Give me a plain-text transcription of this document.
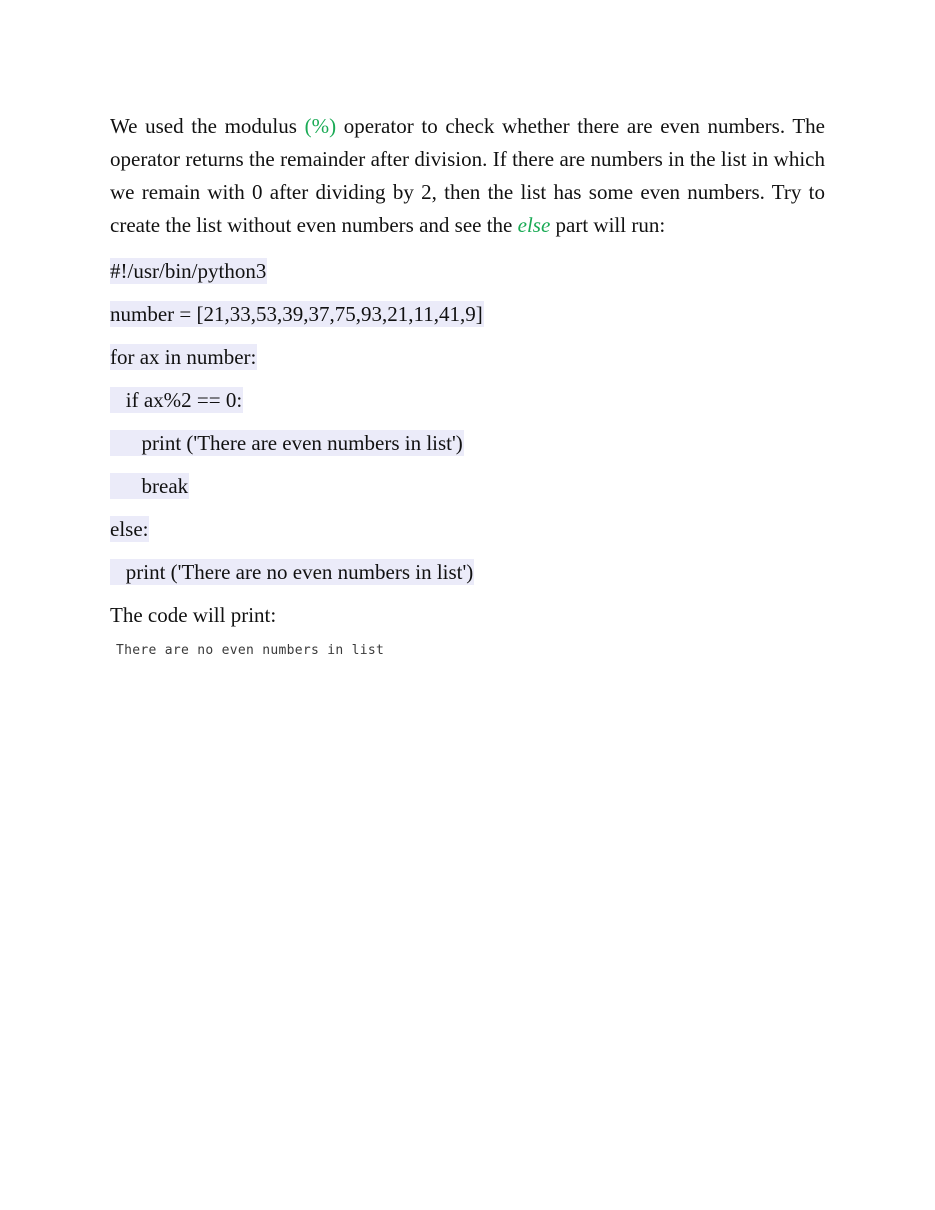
We used the modulus (%) operator to check whether there are even numbers. The operator returns the remainder after division. If there are numbers in the list in which we remain with 0 after dividing by 2, then the list has some even numbers. Try to create the list without even numbers and see the else part will run:

#!/usr/bin/python3
number = [21,33,53,39,37,75,93,21,11,41,9]
for ax in number:
if ax%2 == 0:
print ('There are even numbers in list')
break
else:
print ('There are no even numbers in list')
The code will print:
There are no even numbers in list
